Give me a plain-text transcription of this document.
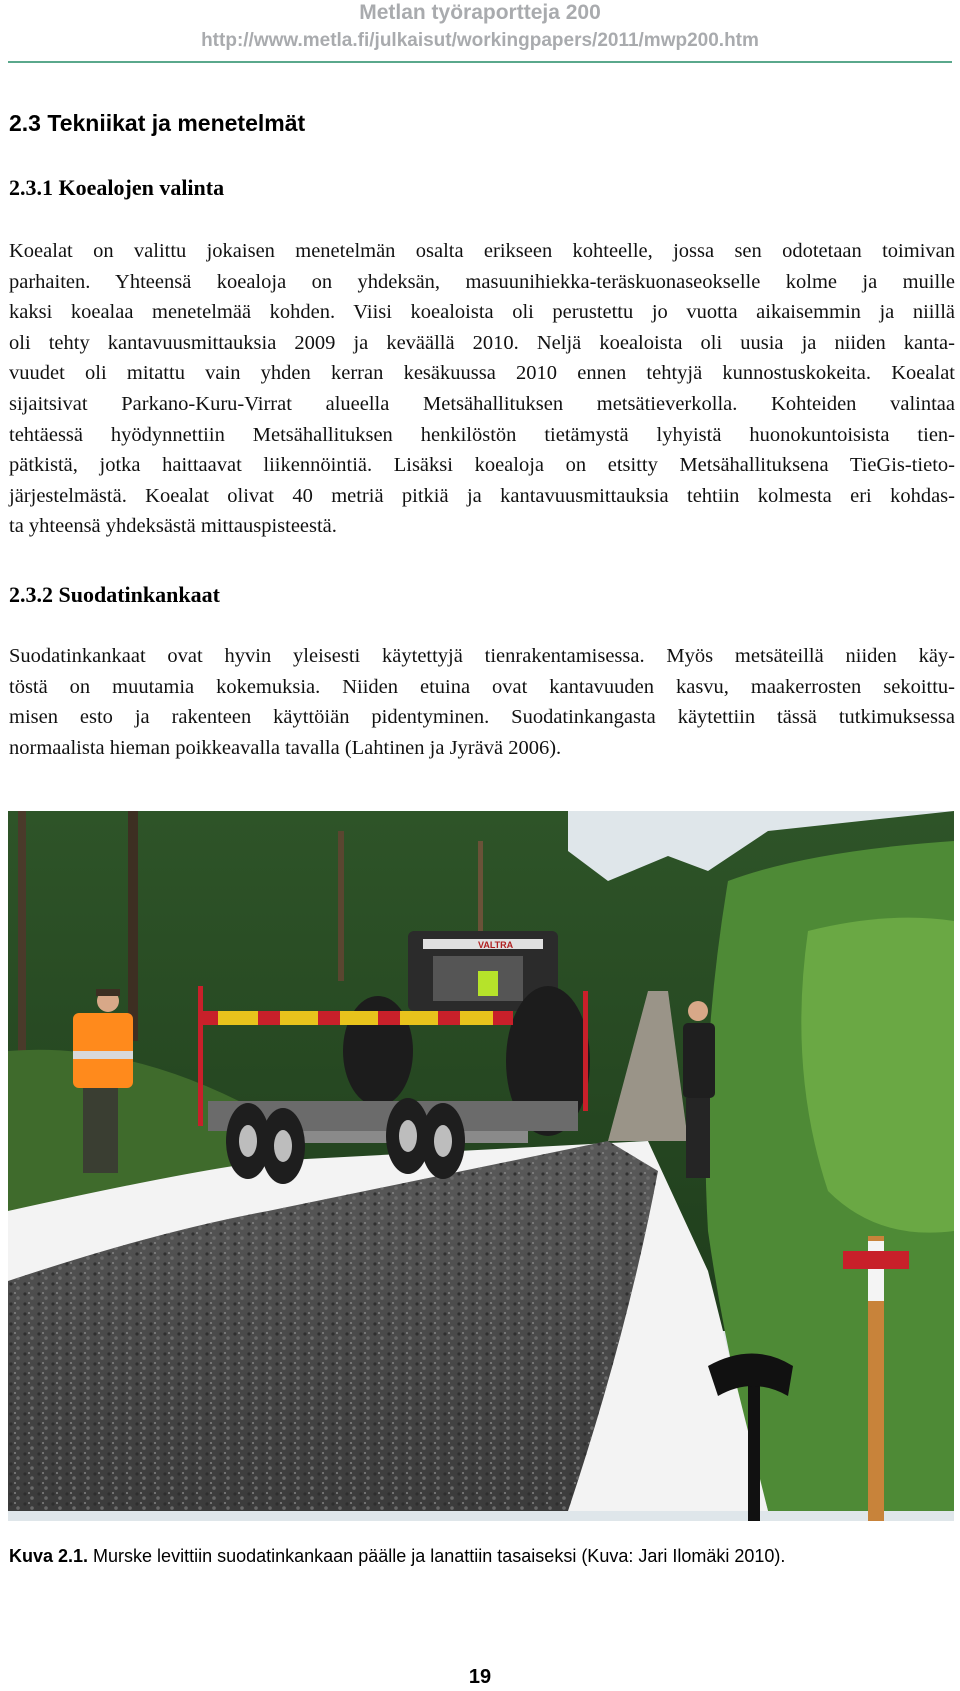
Metlan työraportteja 200
http://www.metla.fi/julkaisut/workingpapers/2011/mwp200.htm
2.3 Tekniikat ja menetelmät
2.3.1 Koealojen valinta
Koealat on valittu jokaisen menetelmän osalta erikseen kohteelle, jossa sen odotetaan toimivan
parhaiten. Yhteensä koealoja on yhdeksän, masuunihiekka-teräskuonaseokselle kolme ja muille
kaksi koealaa menetelmää kohden. Viisi koealoista oli perustettu jo vuotta aikaisemmin ja niillä
oli tehty kantavuusmittauksia 2009 ja keväällä 2010. Neljä koealoista oli uusia ja niiden kanta-
vuudet oli mitattu vain yhden kerran kesäkuussa 2010 ennen tehtyjä kunnostuskokeita. Koealat
sijaitsivat Parkano-Kuru-Virrat alueella Metsähallituksen metsätieverkolla. Kohteiden valintaa
tehtäessä hyödynnettiin Metsähallituksen henkilöstön tietämystä lyhyistä huonokuntoisista tien-
pätkistä, jotka haittaavat liikennöintiä. Lisäksi koealoja on etsitty Metsähallituksena TieGis-tieto-
järjestelmästä. Koealat olivat 40 metriä pitkiä ja kantavuusmittauksia tehtiin kolmesta eri kohdas-
ta yhteensä yhdeksästä mittauspisteestä.
2.3.2 Suodatinkankaat
Suodatinkankaat ovat hyvin yleisesti käytettyjä tienrakentamisessa. Myös metsäteillä niiden käy-
töstä on muutamia kokemuksia. Niiden etuina ovat kantavuuden kasvu, maakerrosten sekoittu-
misen esto ja rakenteen käyttöiän pidentyminen. Suodatinkangasta käytettiin tässä tutkimuksessa
normaalista hieman poikkeavalla tavalla (Lahtinen ja Jyrävä 2006).
VALTRA
Kuva 2.1. Murske levittiin suodatinkankaan päälle ja lanattiin tasaiseksi (Kuva: Jari Ilomäki 2010).
19
